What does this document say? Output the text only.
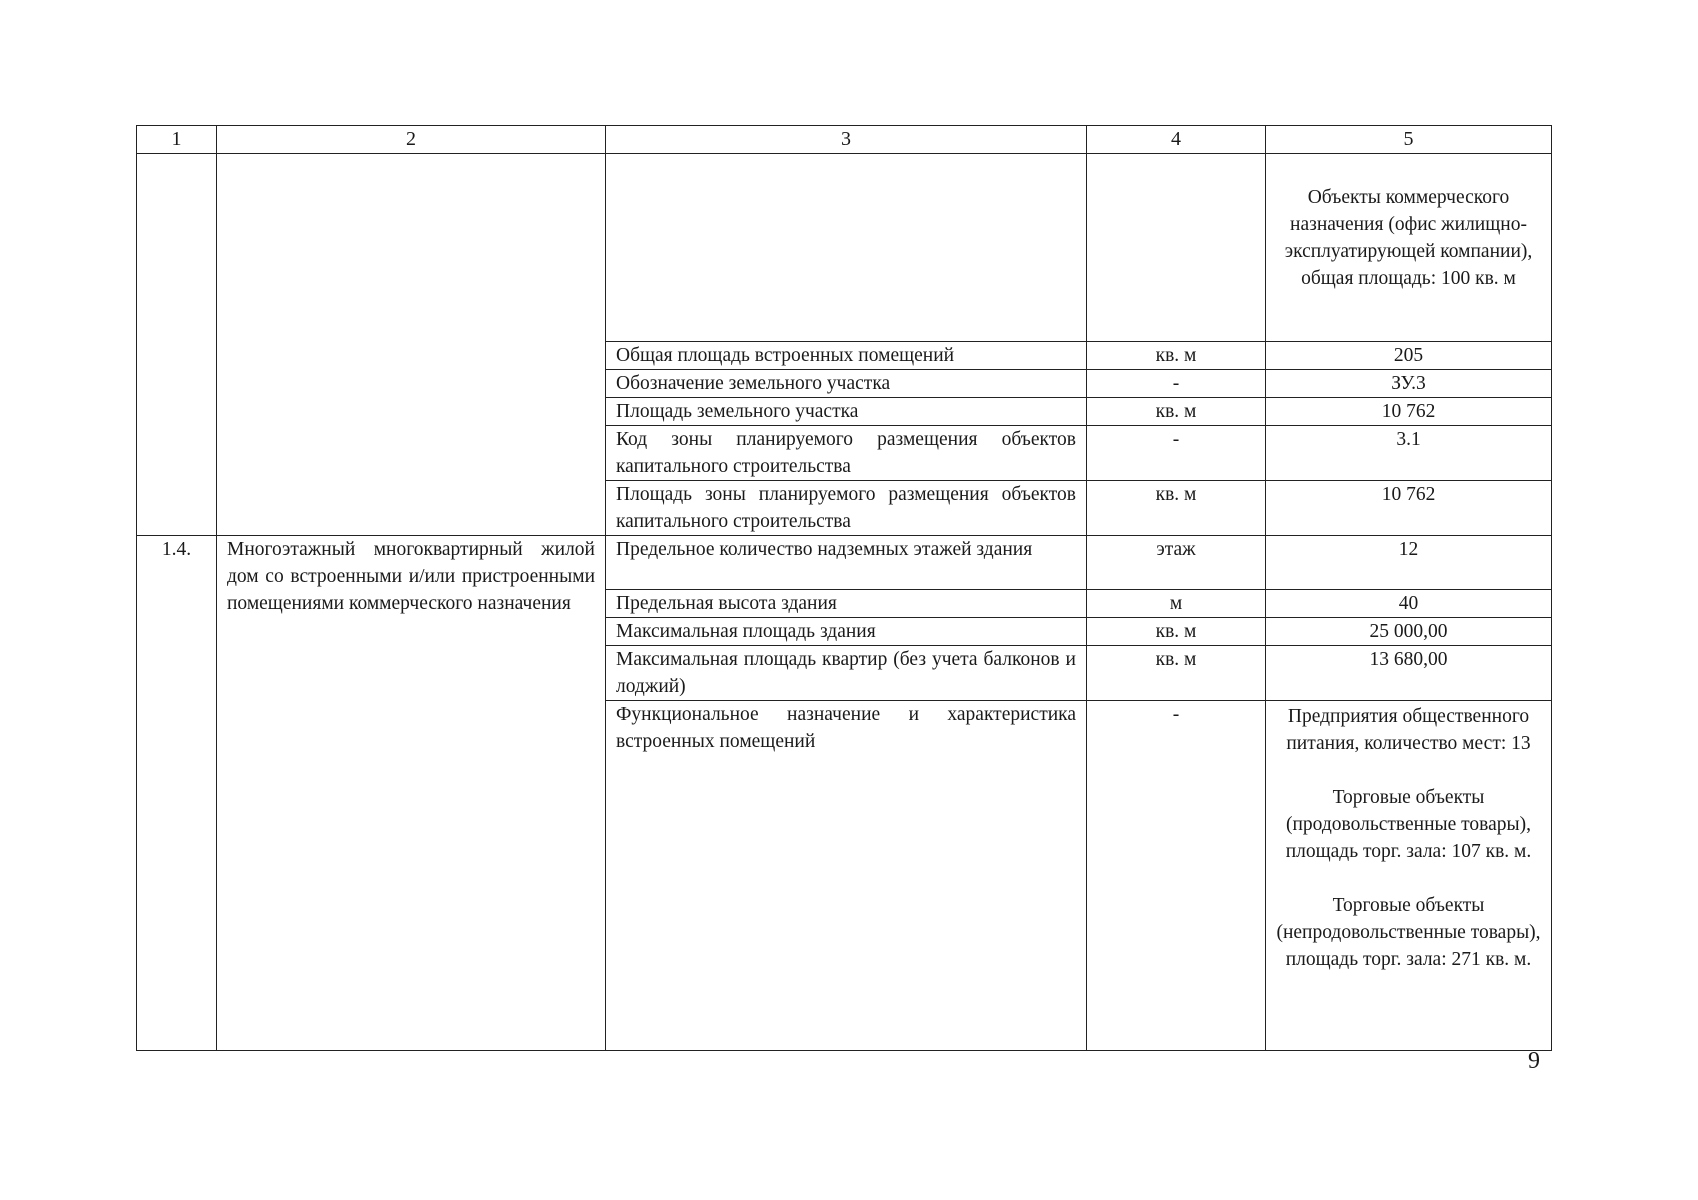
1	2	3	4	5
				Объекты коммерческого назначения (офис жилищно-эксплуатирующей компании), общая площадь: 100 кв. м
		Общая площадь встроенных помещений	кв. м	205
		Обозначение земельного участка	-	ЗУ.3
		Площадь земельного участка	кв. м	10 762
		Код зоны планируемого размещения объектов капитального строительства	-	3.1
		Площадь зоны планируемого размещения объектов капитального строительства	кв. м	10 762
1.4.	Многоэтажный многоквартирный жилой дом со встроенными и/или пристроенными помещениями коммерческого назначения	Предельное количество надземных этажей здания	этаж	12
		Предельная высота здания	м	40
		Максимальная площадь здания	кв. м	25 000,00
		Максимальная площадь квартир (без учета балконов и лоджий)	кв. м	13 680,00
		Функциональное назначение и характеристика встроенных помещений	-	Предприятия общественного питания, количество мест: 13
Торговые объекты (продовольственные товары), площадь торг. зала: 107 кв. м.
Торговые объекты (непродовольственные товары), площадь торг. зала: 271 кв. м.
9
